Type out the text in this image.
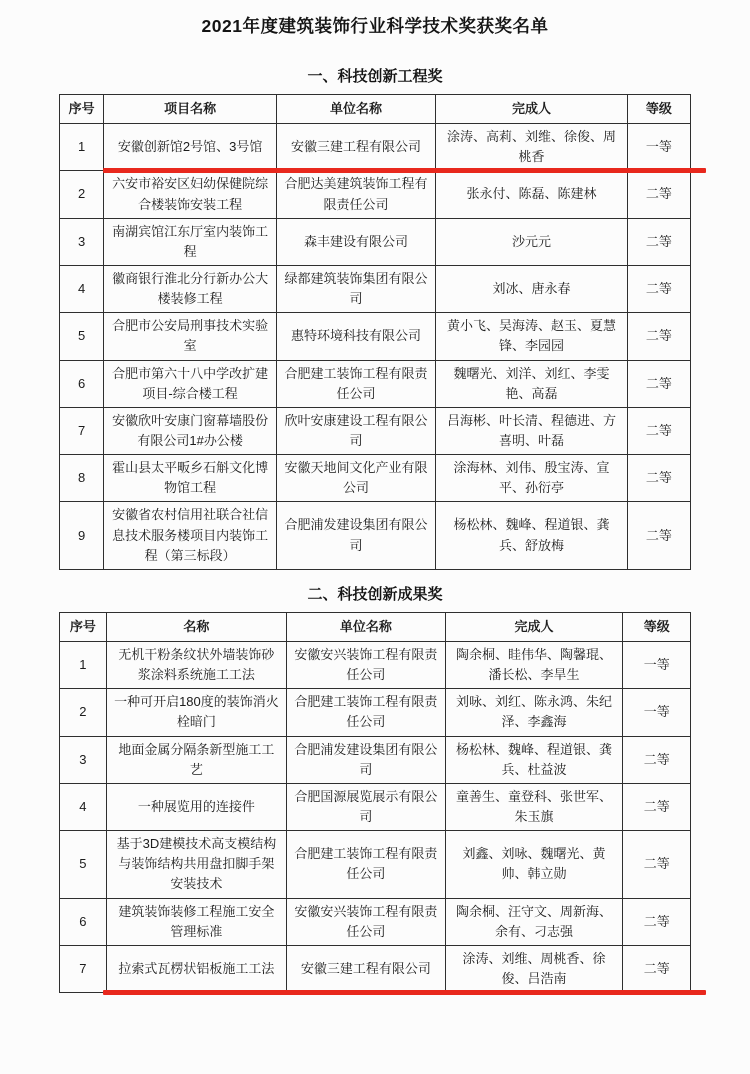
2021年度建筑装饰行业科学技术奖获奖名单
一、科技创新工程奖
序号	项目名称	单位名称	完成人	等级
1	安徽创新馆2号馆、3号馆	安徽三建工程有限公司	涂涛、高莉、刘维、徐俊、周桃香	一等
2	六安市裕安区妇幼保健院综合楼装饰安装工程	合肥达美建筑装饰工程有限责任公司	张永付、陈磊、陈建林	二等
3	南湖宾馆江东厅室内装饰工程	森丰建设有限公司	沙元元	二等
4	徽商银行淮北分行新办公大楼装修工程	绿都建筑装饰集团有限公司	刘冰、唐永春	二等
5	合肥市公安局刑事技术实验室	惠特环境科技有限公司	黄小飞、吴海涛、赵玉、夏慧锋、李园园	二等
6	合肥市第六十八中学改扩建项目-综合楼工程	合肥建工装饰工程有限责任公司	魏曙光、刘洋、刘红、李雯艳、高磊	二等
7	安徽欣叶安康门窗幕墙股份有限公司1#办公楼	欣叶安康建设工程有限公司	吕海彬、叶长清、程德进、方喜明、叶磊	二等
8	霍山县太平畈乡石斛文化博物馆工程	安徽天地间文化产业有限公司	涂海林、刘伟、殷宝涛、宣平、孙衍亭	二等
9	安徽省农村信用社联合社信息技术服务楼项目内装饰工程（第三标段）	合肥浦发建设集团有限公司	杨松林、魏峰、程道银、龚兵、舒放梅	二等
二、科技创新成果奖
序号	名称	单位名称	完成人	等级
1	无机干粉条纹状外墙装饰砂浆涂料系统施工工法	安徽安兴装饰工程有限责任公司	陶余桐、眭伟华、陶馨琨、潘长松、李旱生	一等
2	一种可开启180度的装饰消火栓暗门	合肥建工装饰工程有限责任公司	刘咏、刘红、陈永鸿、朱纪泽、李鑫海	一等
3	地面金属分隔条新型施工工艺	合肥浦发建设集团有限公司	杨松林、魏峰、程道银、龚兵、杜益波	二等
4	一种展览用的连接件	合肥国源展览展示有限公司	童善生、童登科、张世军、朱玉旗	二等
5	基于3D建模技术高支模结构与装饰结构共用盘扣脚手架安装技术	合肥建工装饰工程有限责任公司	刘鑫、刘咏、魏曙光、黄帅、韩立勋	二等
6	建筑装饰装修工程施工安全管理标准	安徽安兴装饰工程有限责任公司	陶余桐、汪守文、周新海、余有、刁志强	二等
7	拉索式瓦楞状铝板施工工法	安徽三建工程有限公司	涂涛、刘维、周桃香、徐俊、吕浩南	二等
